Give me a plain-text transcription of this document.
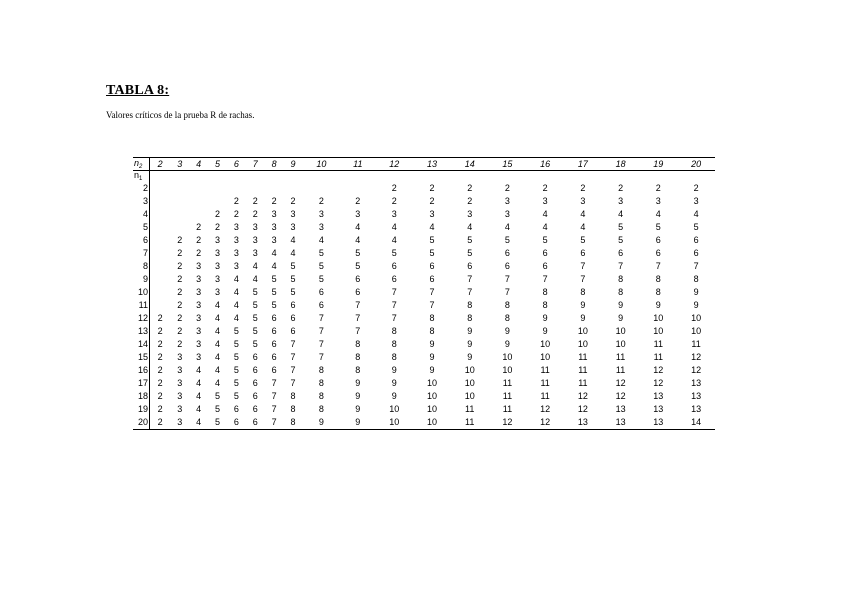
TABLA 8:
Valores críticos de la prueba R de rachas.
$n_2$	2	3	4	5	6	7	8	9	10	11	12	13	14	15	16	17	18	19	20
$n_1$	
2											2	2	2	2	2	2	2	2	2
3					2	2	2	2	2	2	2	2	2	3	3	3	3	3	3
4				2	2	2	3	3	3	3	3	3	3	3	4	4	4	4	4
5			2	2	3	3	3	3	3	4	4	4	4	4	4	4	5	5	5
6		2	2	3	3	3	3	4	4	4	4	5	5	5	5	5	5	6	6
7		2	2	3	3	3	4	4	5	5	5	5	5	6	6	6	6	6	6
8		2	3	3	3	4	4	5	5	5	6	6	6	6	6	7	7	7	7
9		2	3	3	4	4	5	5	5	6	6	6	7	7	7	7	8	8	8
10		2	3	3	4	5	5	5	6	6	7	7	7	7	8	8	8	8	9
11		2	3	4	4	5	5	6	6	7	7	7	8	8	8	9	9	9	9
12	2	2	3	4	4	5	6	6	7	7	7	8	8	8	9	9	9	10	10
13	2	2	3	4	5	5	6	6	7	7	8	8	9	9	9	10	10	10	10
14	2	2	3	4	5	5	6	7	7	8	8	9	9	9	10	10	10	11	11
15	2	3	3	4	5	6	6	7	7	8	8	9	9	10	10	11	11	11	12
16	2	3	4	4	5	6	6	7	8	8	9	9	10	10	11	11	11	12	12
17	2	3	4	4	5	6	7	7	8	9	9	10	10	11	11	11	12	12	13
18	2	3	4	5	5	6	7	8	8	9	9	10	10	11	11	12	12	13	13
19	2	3	4	5	6	6	7	8	8	9	10	10	11	11	12	12	13	13	13
20	2	3	4	5	6	6	7	8	9	9	10	10	11	12	12	13	13	13	14
